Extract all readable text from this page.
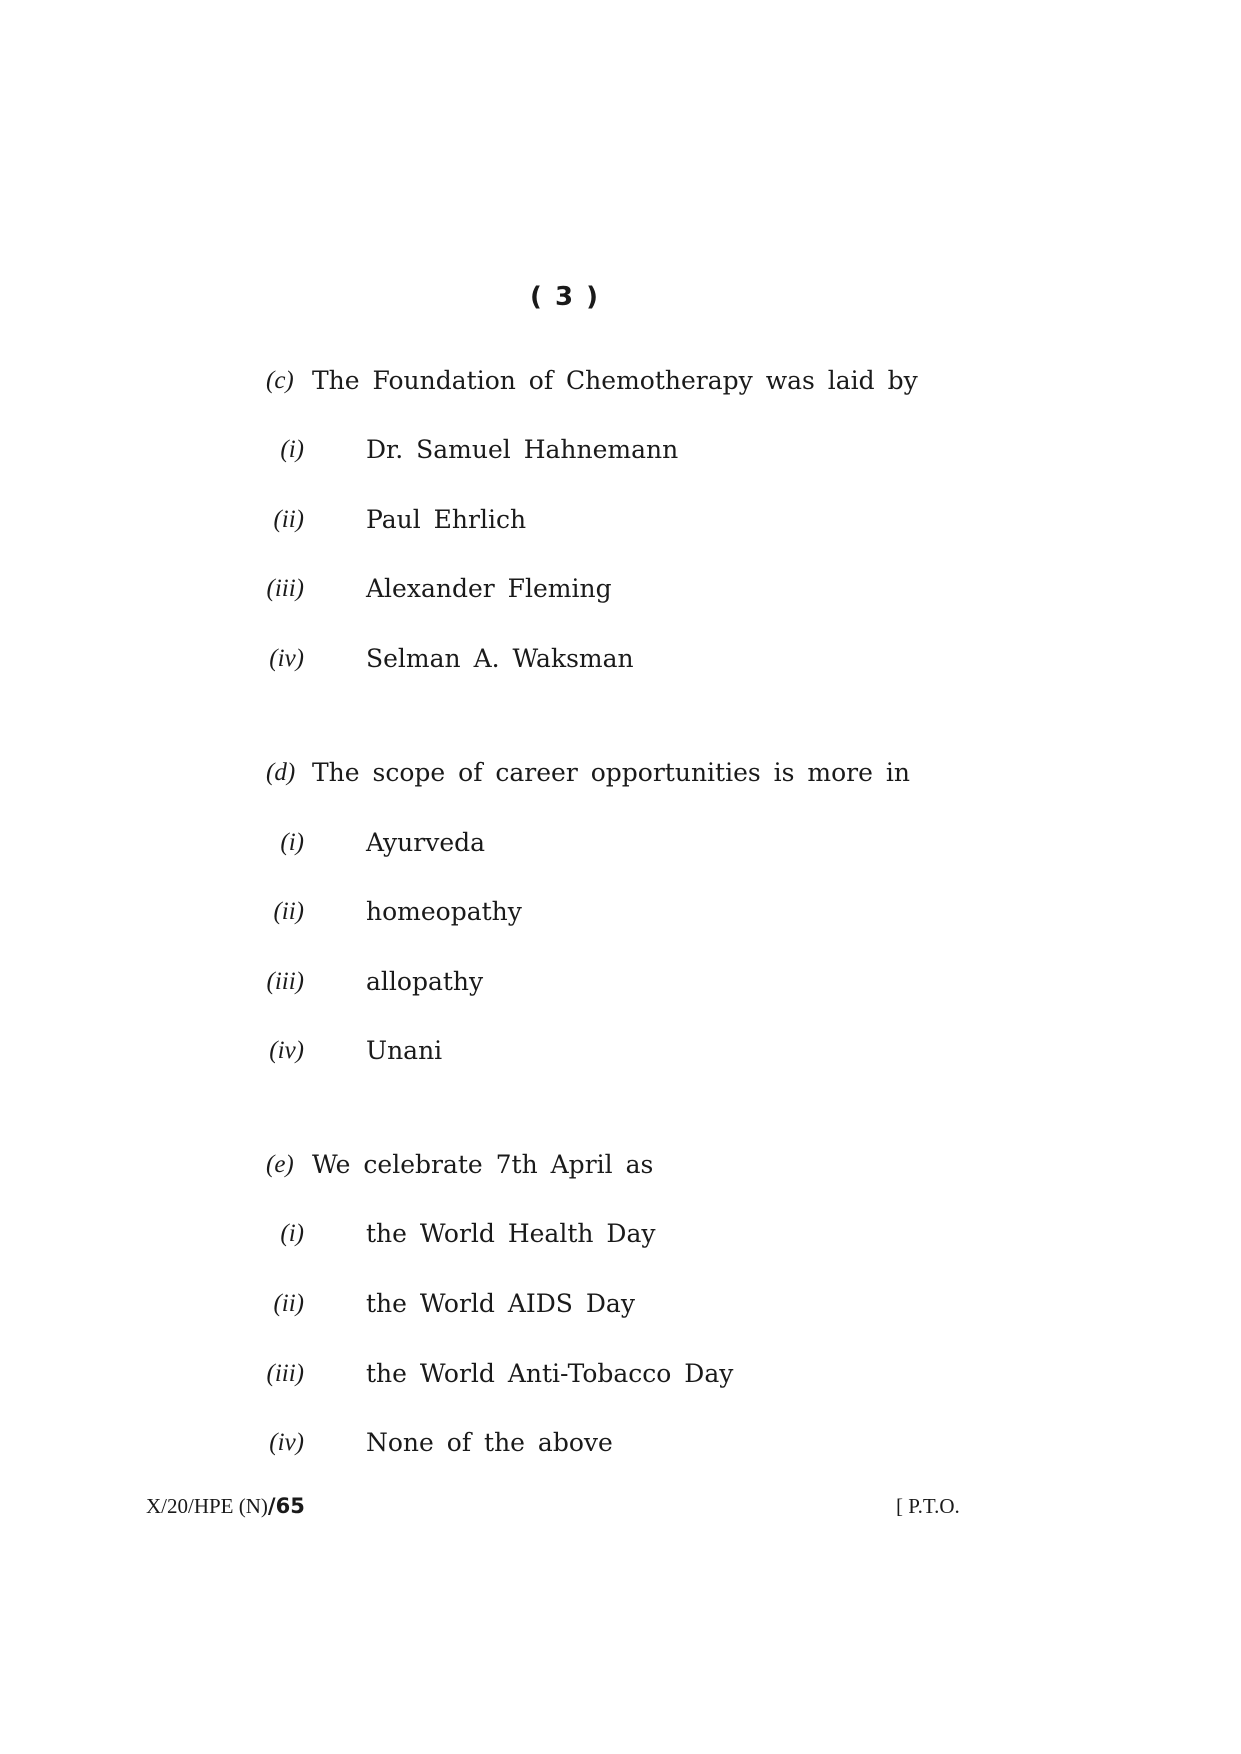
( 3 )
(c) The Foundation of Chemotherapy was laid by
(i) Dr. Samuel Hahnemann
(ii) Paul Ehrlich
(iii) Alexander Fleming
(iv) Selman A. Waksman
(d) The scope of career opportunities is more in
(i) Ayurveda
(ii) homeopathy
(iii) allopathy
(iv) Unani
(e) We celebrate 7th April as
(i) the World Health Day
(ii) the World AIDS Day
(iii) the World Anti-Tobacco Day
(iv) None of the above
X/20/HPE (N)/65	[ P.T.O.
